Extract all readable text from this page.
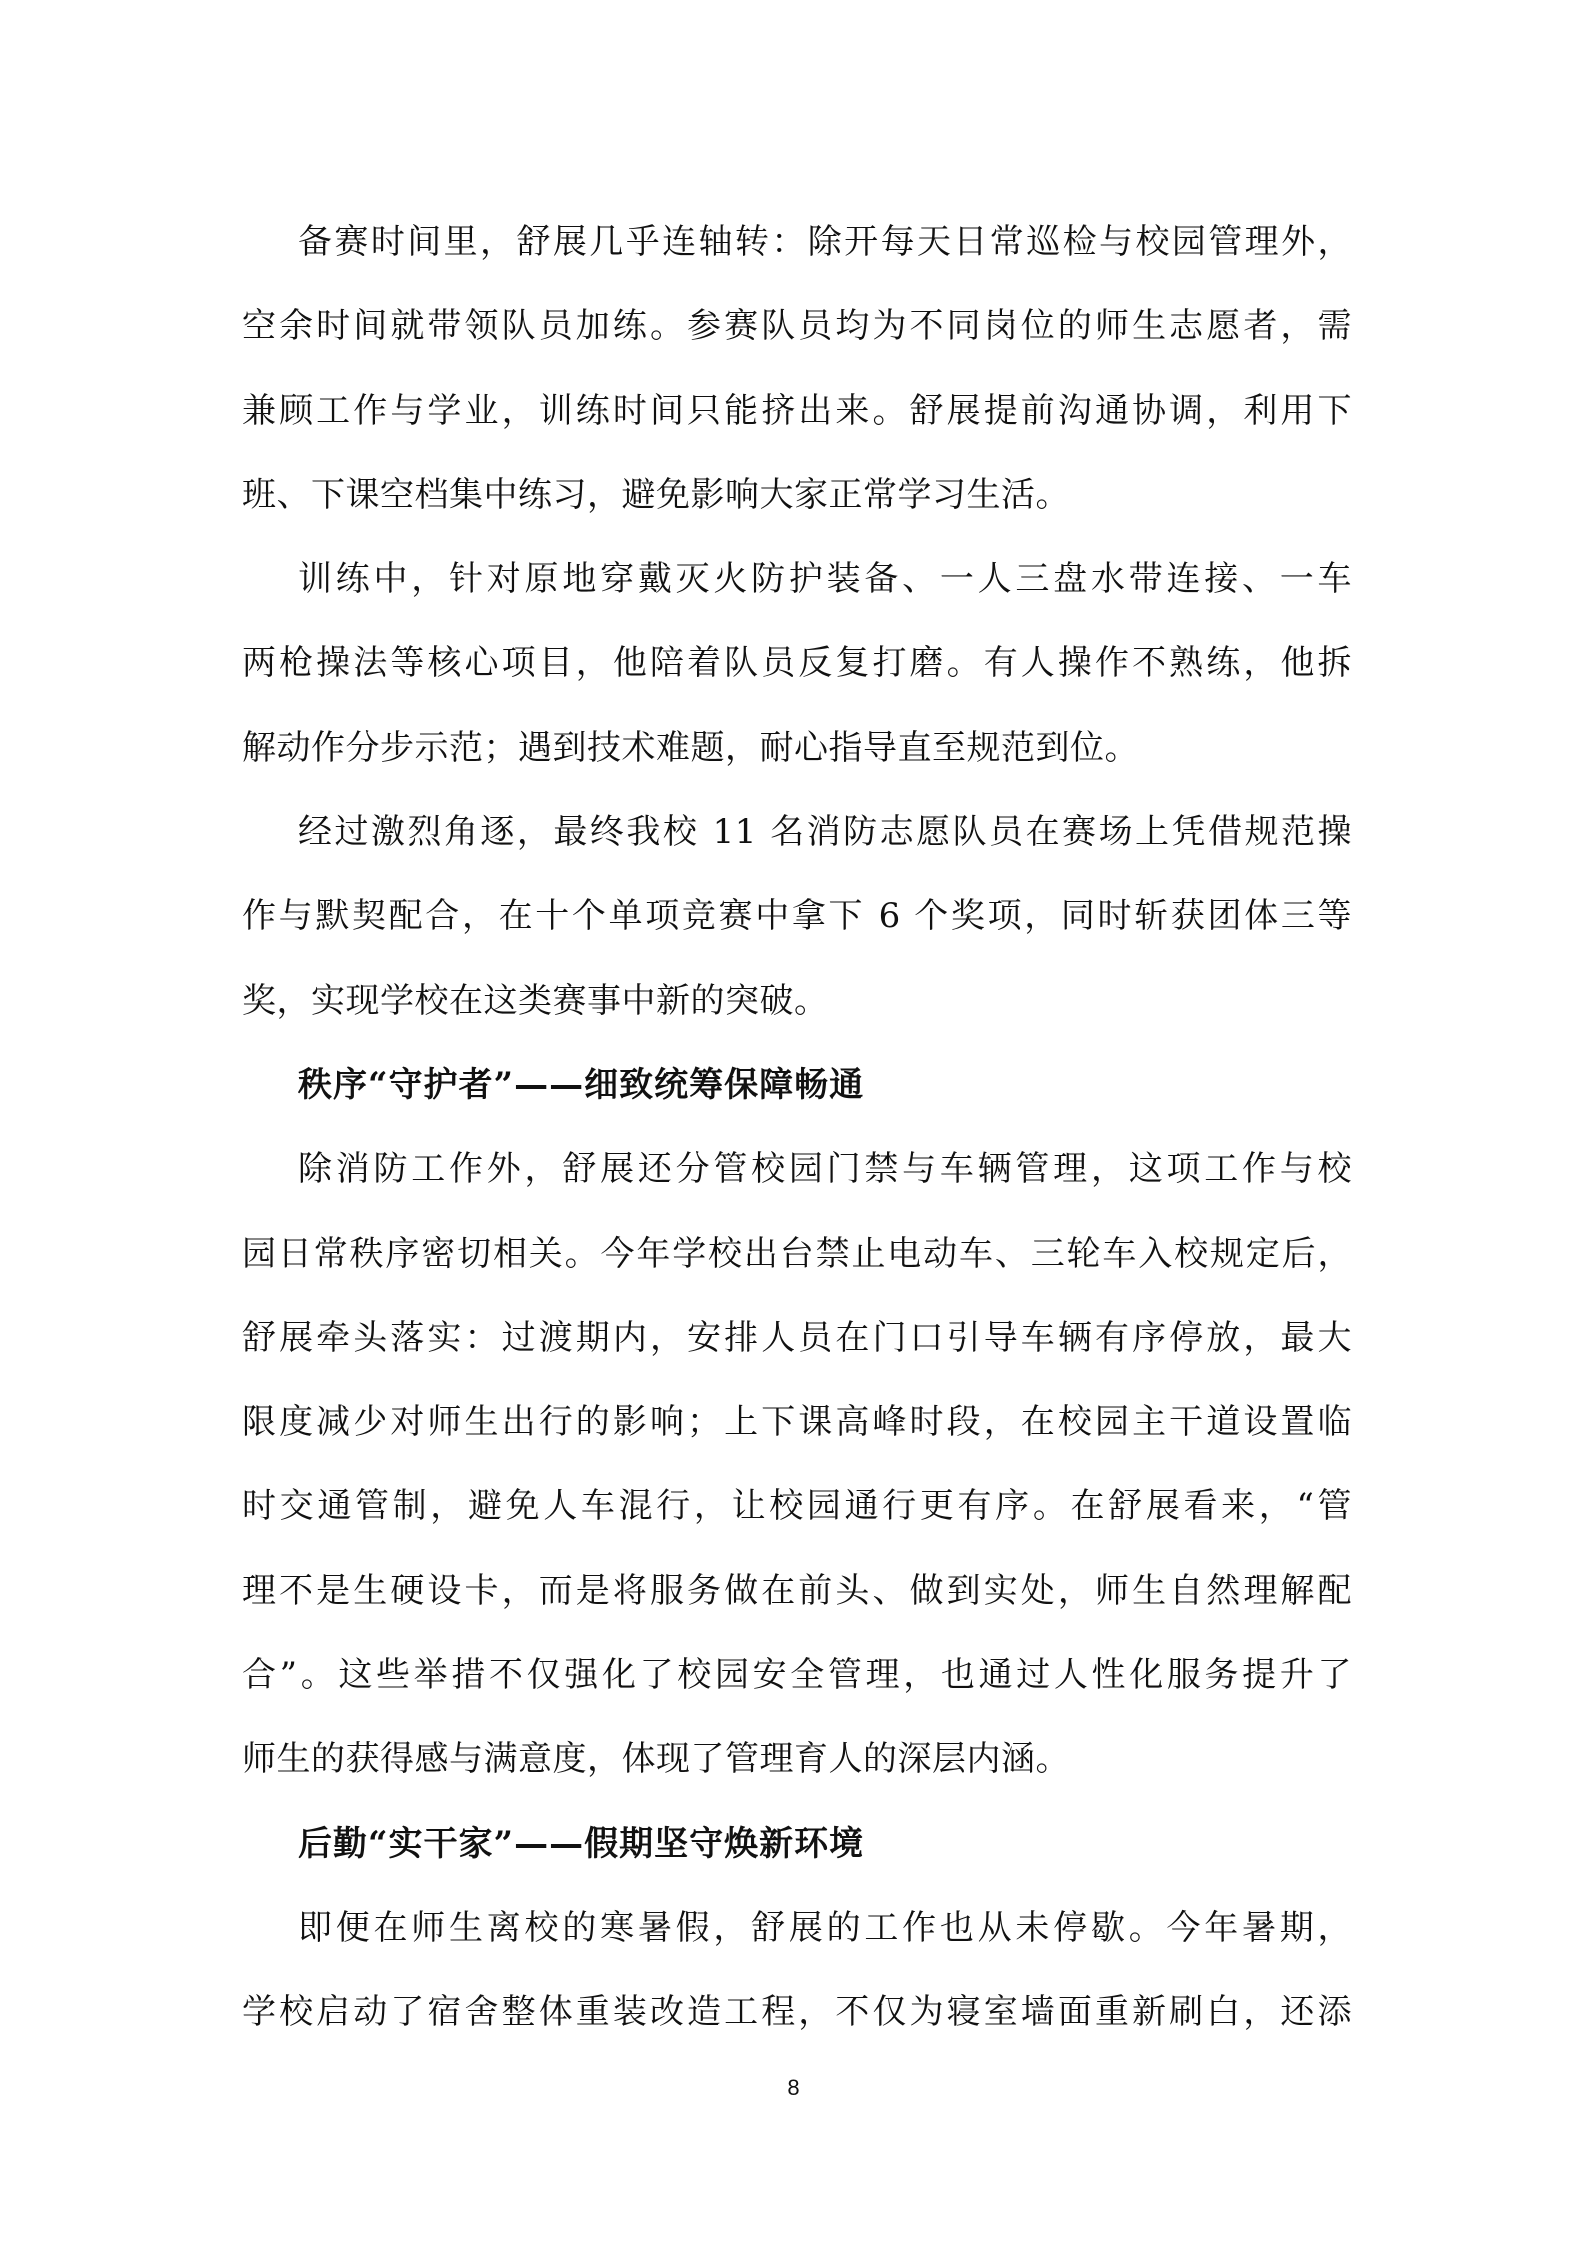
备赛时间里，舒展几乎连轴转：除开每天日常巡检与校园管理外，
空余时间就带领队员加练。参赛队员均为不同岗位的师生志愿者，需
兼顾工作与学业，训练时间只能挤出来。舒展提前沟通协调，利用下
班、下课空档集中练习，避免影响大家正常学习生活。
训练中，针对原地穿戴灭火防护装备、一人三盘水带连接、一车
两枪操法等核心项目，他陪着队员反复打磨。有人操作不熟练，他拆
解动作分步示范；遇到技术难题，耐心指导直至规范到位。
经过激烈角逐，最终我校 11 名消防志愿队员在赛场上凭借规范操
作与默契配合，在十个单项竞赛中拿下 6 个奖项，同时斩获团体三等
奖，实现学校在这类赛事中新的突破。
秩序“守护者”——细致统筹保障畅通
除消防工作外，舒展还分管校园门禁与车辆管理，这项工作与校
园日常秩序密切相关。今年学校出台禁止电动车、三轮车入校规定后，
舒展牵头落实：过渡期内，安排人员在门口引导车辆有序停放，最大
限度减少对师生出行的影响；上下课高峰时段，在校园主干道设置临
时交通管制，避免人车混行，让校园通行更有序。在舒展看来，“管
理不是生硬设卡，而是将服务做在前头、做到实处，师生自然理解配
合”。这些举措不仅强化了校园安全管理，也通过人性化服务提升了
师生的获得感与满意度，体现了管理育人的深层内涵。
后勤“实干家”——假期坚守焕新环境
即便在师生离校的寒暑假，舒展的工作也从未停歇。今年暑期，
学校启动了宿舍整体重装改造工程，不仅为寝室墙面重新刷白，还添
8
